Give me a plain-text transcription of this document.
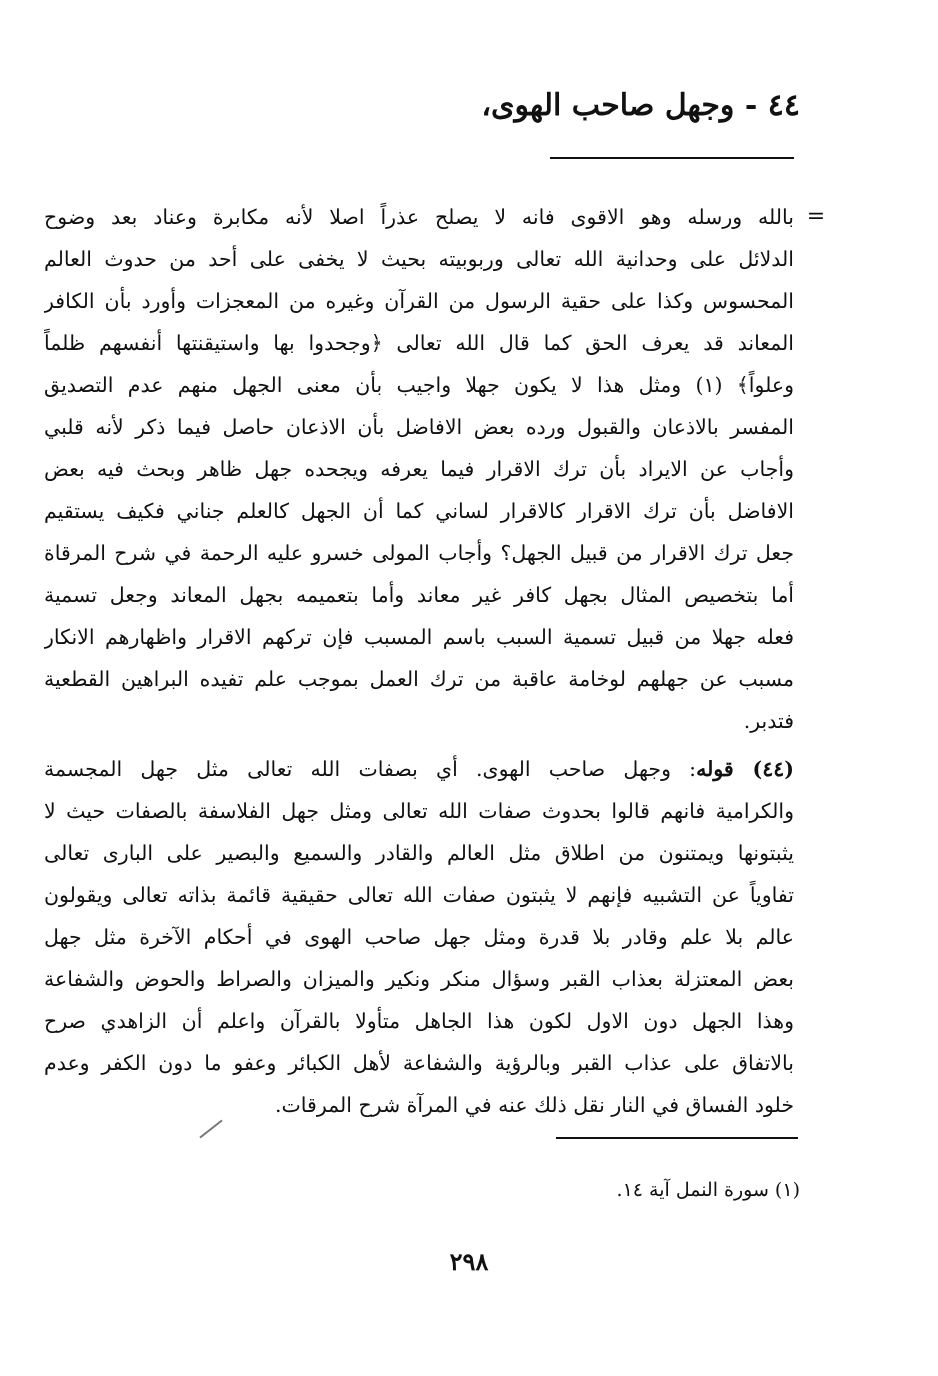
٤٤ - وجهل صاحب الهوى،
=
بالله ورسله وهو الاقوى فانه لا يصلح عذراً اصلا لأنه مكابرة وعناد بعد وضوح
الدلائل على وحدانية الله تعالى وربوبيته بحيث لا يخفى على أحد من حدوث العالم
المحسوس وكذا على حقية الرسول من القرآن وغيره من المعجزات وأورد بأن الكافر
المعاند قد يعرف الحق كما قال الله تعالى ﴿وجحدوا بها واستيقنتها أنفسهم ظلماً
وعلواً﴾ (١) ومثل هذا لا يكون جهلا واجيب بأن معنى الجهل منهم عدم التصديق
المفسر بالاذعان والقبول ورده بعض الافاضل بأن الاذعان حاصل فيما ذكر لأنه قلبي
وأجاب عن الايراد بأن ترك الاقرار فيما يعرفه ويجحده جهل ظاهر وبحث فيه بعض
الافاضل بأن ترك الاقرار كالاقرار لساني كما أن الجهل كالعلم جناني فكيف يستقيم
جعل ترك الاقرار من قبيل الجهل؟ وأجاب المولى خسرو عليه الرحمة في شرح المرقاة
أما بتخصيص المثال بجهل كافر غير معاند وأما بتعميمه بجهل المعاند وجعل تسمية
فعله جهلا من قبيل تسمية السبب باسم المسبب فإن تركهم الاقرار واظهارهم الانكار
مسبب عن جهلهم لوخامة عاقبة من ترك العمل بموجب علم تفيده البراهين القطعية
فتدبر.
(٤٤) قوله: وجهل صاحب الهوى. أي بصفات الله تعالى مثل جهل المجسمة
والكرامية فانهم قالوا بحدوث صفات الله تعالى ومثل جهل الفلاسفة بالصفات حيث لا
يثبتونها ويمتنون من اطلاق مثل العالم والقادر والسميع والبصير على البارى تعالى
تفاوياً عن التشبيه فإنهم لا يثبتون صفات الله تعالى حقيقية قائمة بذاته تعالى ويقولون
عالم بلا علم وقادر بلا قدرة ومثل جهل صاحب الهوى في أحكام الآخرة مثل جهل
بعض المعتزلة بعذاب القبر وسؤال منكر ونكير والميزان والصراط والحوض والشفاعة
وهذا الجهل دون الاول لكون هذا الجاهل متأولا بالقرآن واعلم أن الزاهدي صرح
بالاتفاق على عذاب القبر وبالرؤية والشفاعة لأهل الكبائر وعفو ما دون الكفر وعدم
خلود الفساق في النار نقل ذلك عنه في المرآة شرح المرقات.
(١) سورة النمل آية ١٤.
٢٩٨
